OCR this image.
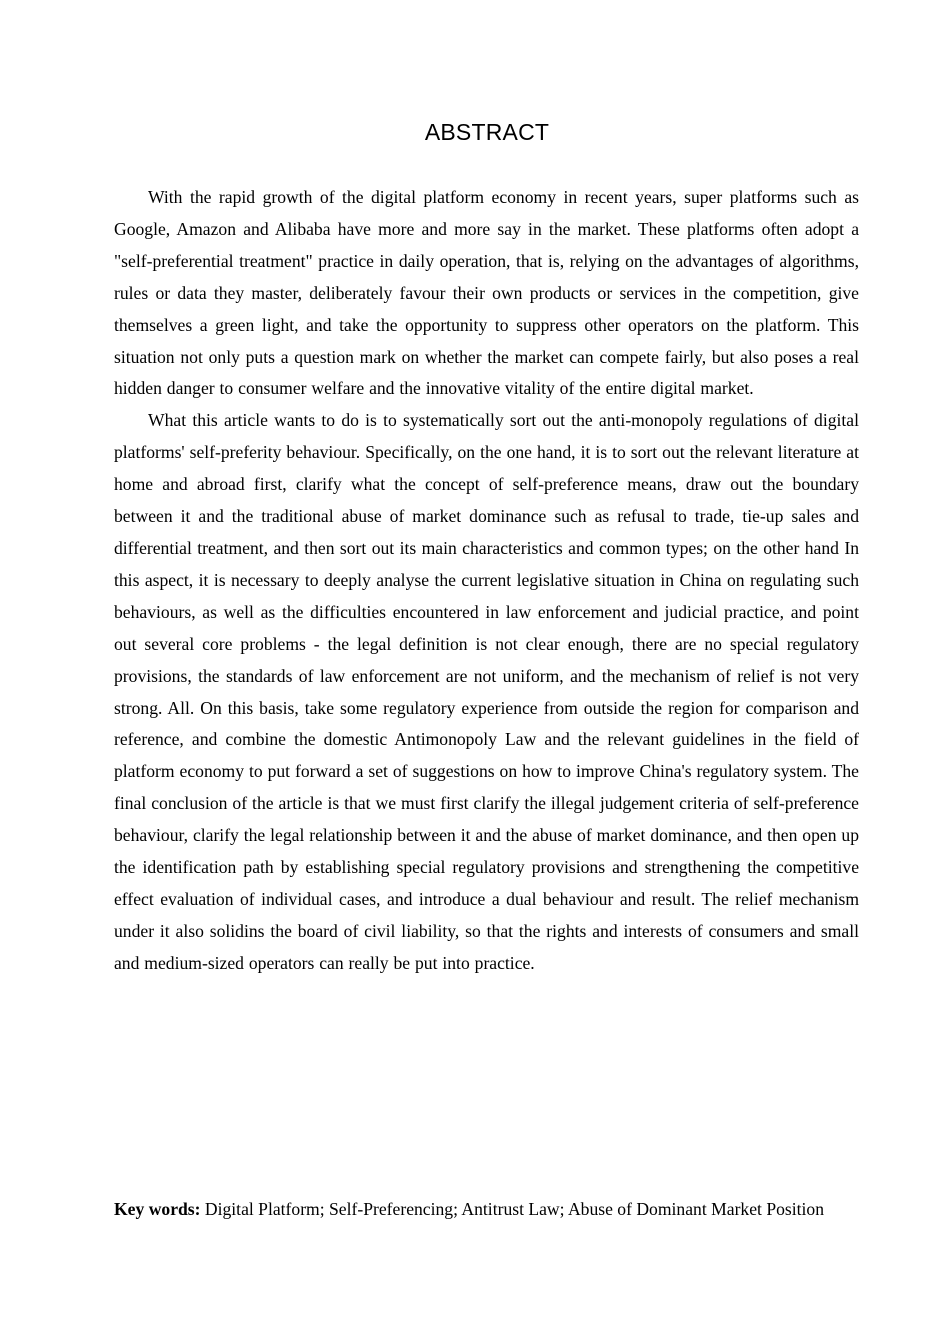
ABSTRACT

With the rapid growth of the digital platform economy in recent years, super platforms such as Google, Amazon and Alibaba have more and more say in the market. These platforms often adopt a "self-preferential treatment" practice in daily operation, that is, relying on the advantages of algorithms, rules or data they master, deliberately favour their own products or services in the competition, give themselves a green light, and take the opportunity to suppress other operators on the platform. This situation not only puts a question mark on whether the market can compete fairly, but also poses a real hidden danger to consumer welfare and the innovative vitality of the entire digital market.

What this article wants to do is to systematically sort out the anti-monopoly regulations of digital platforms' self-preferity behaviour. Specifically, on the one hand, it is to sort out the relevant literature at home and abroad first, clarify what the concept of self-preference means, draw out the boundary between it and the traditional abuse of market dominance such as refusal to trade, tie-up sales and differential treatment, and then sort out its main characteristics and common types; on the other hand In this aspect, it is necessary to deeply analyse the current legislative situation in China on regulating such behaviours, as well as the difficulties encountered in law enforcement and judicial practice, and point out several core problems - the legal definition is not clear enough, there are no special regulatory provisions, the standards of law enforcement are not uniform, and the mechanism of relief is not very strong. All. On this basis, take some regulatory experience from outside the region for comparison and reference, and combine the domestic Antimonopoly Law and the relevant guidelines in the field of platform economy to put forward a set of suggestions on how to improve China's regulatory system. The final conclusion of the article is that we must first clarify the illegal judgement criteria of self-preference behaviour, clarify the legal relationship between it and the abuse of market dominance, and then open up the identification path by establishing special regulatory provisions and strengthening the competitive effect evaluation of individual cases, and introduce a dual behaviour and result. The relief mechanism under it also solidins the board of civil liability, so that the rights and interests of consumers and small and medium-sized operators can really be put into practice.

Key words: Digital Platform; Self-Preferencing; Antitrust Law; Abuse of Dominant Market Position
